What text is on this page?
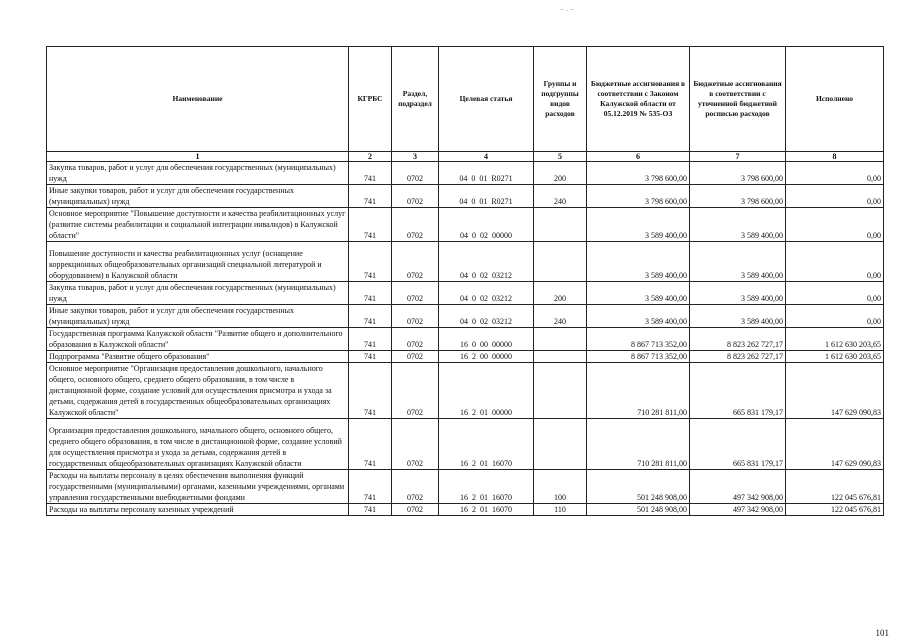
– . –
Наименование	КГРБС	Раздел, подраздел	Целевая статья	Группы и подгруппы видов расходов	Бюджетные ассигнования в соответствии с Законом Калужской области от 05.12.2019 № 535-ОЗ	Бюджетные ассигнования в соответствии с уточненной бюджетной росписью расходов	Исполнено
1	2	3	4	5	6	7	8
Закупка товаров, работ и услуг для обеспечения государственных (муниципальных) нужд	741	0702	04 0 01 R0271	200	3 798 600,00	3 798 600,00	0,00
Иные закупки товаров, работ и услуг для обеспечения государственных (муниципальных) нужд	741	0702	04 0 01 R0271	240	3 798 600,00	3 798 600,00	0,00
Основное мероприятие "Повышение доступности и качества реабилитационных услуг (развитие системы реабилитации и социальной интеграции инвалидов) в Калужской области"	741	0702	04 0 02 00000		3 589 400,00	3 589 400,00	0,00
Повышение доступности и качества реабилитационных услуг (оснащение коррекционных общеобразовательных организаций специальной литературой и оборудованием) в Калужской области	741	0702	04 0 02 03212		3 589 400,00	3 589 400,00	0,00
Закупка товаров, работ и услуг для обеспечения государственных (муниципальных) нужд	741	0702	04 0 02 03212	200	3 589 400,00	3 589 400,00	0,00
Иные закупки товаров, работ и услуг для обеспечения государственных (муниципальных) нужд	741	0702	04 0 02 03212	240	3 589 400,00	3 589 400,00	0,00
Государственная программа Калужской области "Развитие общего и дополнительного образования в Калужской области"	741	0702	16 0 00 00000		8 867 713 352,00	8 823 262 727,17	1 612 630 203,65
Подпрограмма "Развитие общего образования"	741	0702	16 2 00 00000		8 867 713 352,00	8 823 262 727,17	1 612 630 203,65
Основное мероприятие "Организация предоставления дошкольного, начального общего, основного общего, среднего общего образования, в том числе в дистанционной форме, создание условий для осуществления присмотра и ухода за детьми, содержания детей в государственных общеобразовательных организациях Калужской области"	741	0702	16 2 01 00000		710 281 811,00	665 831 179,17	147 629 090,83
Организация предоставления дошкольного, начального общего, основного общего, среднего общего образования, в том числе в дистанционной форме, создание условий для осуществления присмотра и ухода за детьми, содержания детей в государственных общеобразовательных организациях Калужской области	741	0702	16 2 01 16070		710 281 811,00	665 831 179,17	147 629 090,83
Расходы на выплаты персоналу в целях обеспечения выполнения функций государственными (муниципальными) органами, казенными учреждениями, органами управления государственными внебюджетными фондами	741	0702	16 2 01 16070	100	501 248 908,00	497 342 908,00	122 045 676,81
Расходы на выплаты персоналу казенных учреждений	741	0702	16 2 01 16070	110	501 248 908,00	497 342 908,00	122 045 676,81
101
